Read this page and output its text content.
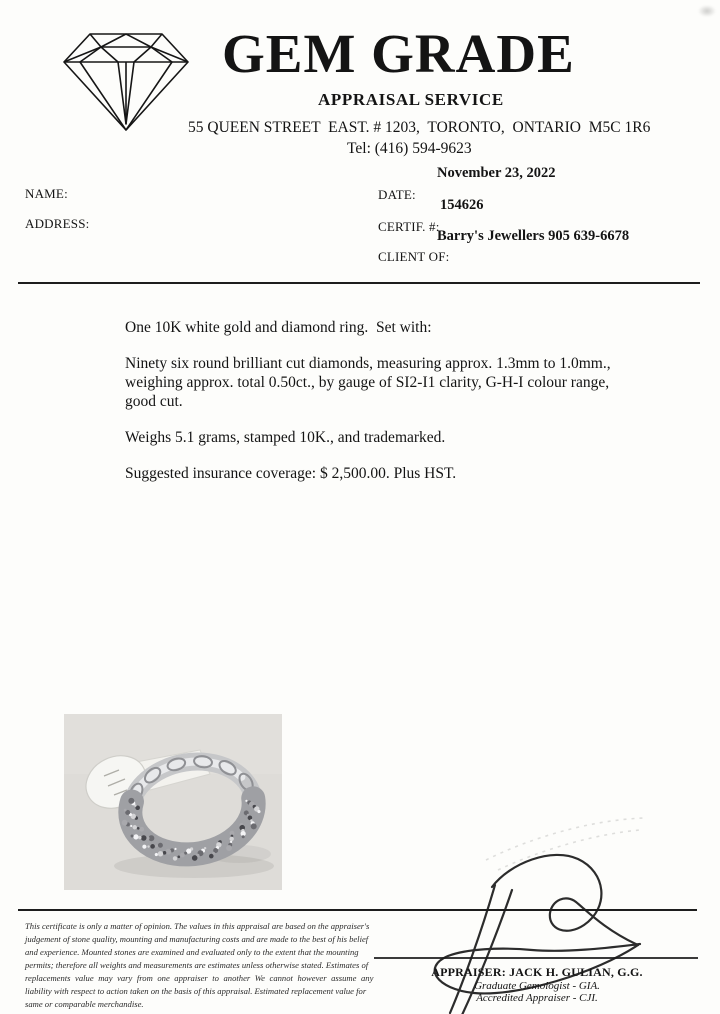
GEM GRADE
APPRAISAL SERVICE
55 QUEEN STREET  EAST. # 1203,  TORONTO,  ONTARIO  M5C 1R6
Tel: (416) 594-9623
NAME:
ADDRESS:
November 23, 2022
DATE:
154626
CERTIF. #:
Barry's Jewellers 905 639-6678
CLIENT OF:
One 10K white gold and diamond ring.  Set with:
Ninety six round brilliant cut diamonds, measuring approx. 1.3mm to 1.0mm.,
weighing approx. total 0.50ct., by gauge of SI2-I1 clarity, G-H-I colour range,
good cut.
Weighs 5.1 grams, stamped 10K., and trademarked.
Suggested insurance coverage: $ 2,500.00. Plus HST.
This certificate is only a matter of opinion. The values in this appraisal are based on the appraiser's
judgement of stone quality, mounting and manufacturing costs and are made to the best of his belief
and experience. Mounted stones are examined and evaluated only to the extent that the mounting
permits; therefore all weights and measurements are estimates unless otherwise stated. Estimates of
replacements value may vary from one appraiser to another We cannot however assume any
liability with respect to action taken on the basis of this appraisal. Estimated replacement value for
same or comparable merchandise.
APPRAISER: JACK H. GULIAN, G.G.
Graduate Gemologist - GIA.
Accredited Appraiser - CJI.
